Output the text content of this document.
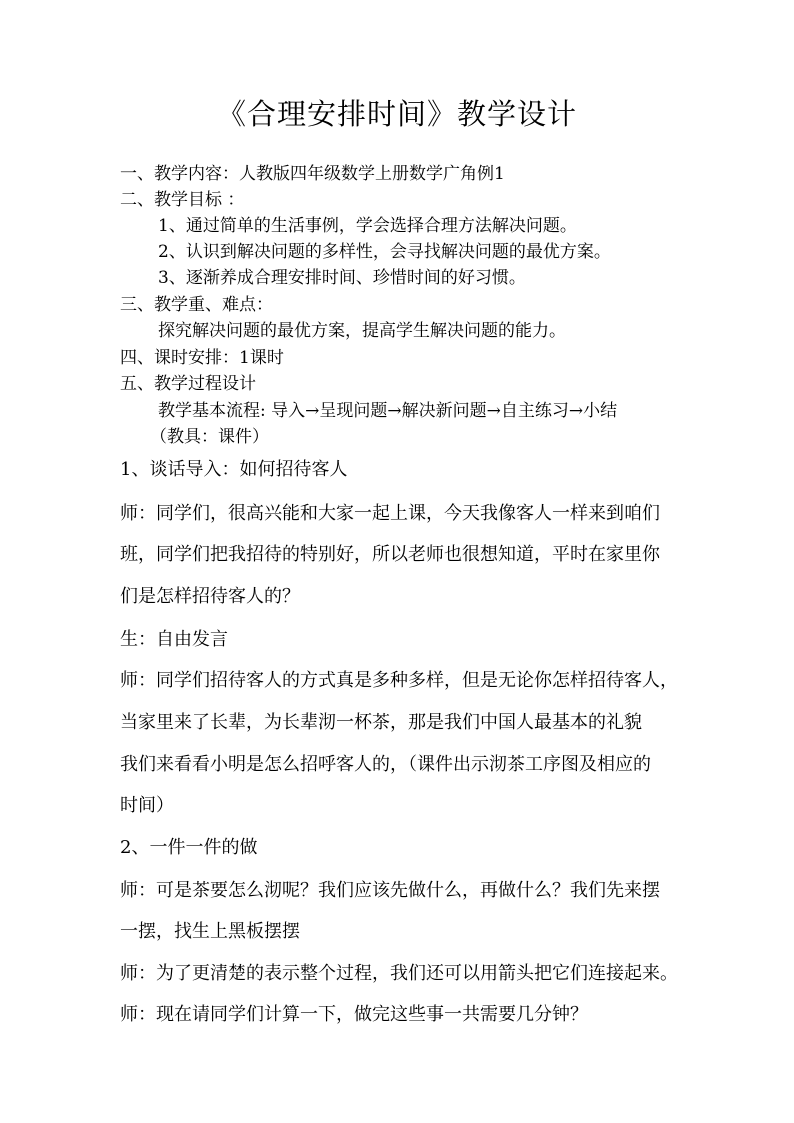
《合理安排时间》教学设计
一、教学内容：人教版四年级数学上册数学广角例1
二、教学目标 ：
1、通过简单的生活事例，学会选择合理方法解决问题。
2、认识到解决问题的多样性，会寻找解决问题的最优方案。
3、逐渐养成合理安排时间、珍惜时间的好习惯。
三、教学重、难点：
探究解决问题的最优方案，提高学生解决问题的能力。
四、课时安排：1课时
五、教学过程设计
教学基本流程: 导入→呈现问题→解决新问题→自主练习→小结
（教具：课件）
1、谈话导入：如何招待客人
师：同学们，很高兴能和大家一起上课，今天我像客人一样来到咱们
班，同学们把我招待的特别好，所以老师也很想知道，平时在家里你
们是怎样招待客人的？
生：自由发言
师：同学们招待客人的方式真是多种多样，但是无论你怎样招待客人，
当家里来了长辈，为长辈沏一杯茶，那是我们中国人最基本的礼貌
我们来看看小明是怎么招呼客人的，（课件出示沏茶工序图及相应的
时间）
2、一件一件的做
师：可是茶要怎么沏呢？我们应该先做什么，再做什么？我们先来摆
一摆，找生上黑板摆摆
师：为了更清楚的表示整个过程，我们还可以用箭头把它们连接起来。
师：现在请同学们计算一下，做完这些事一共需要几分钟？
